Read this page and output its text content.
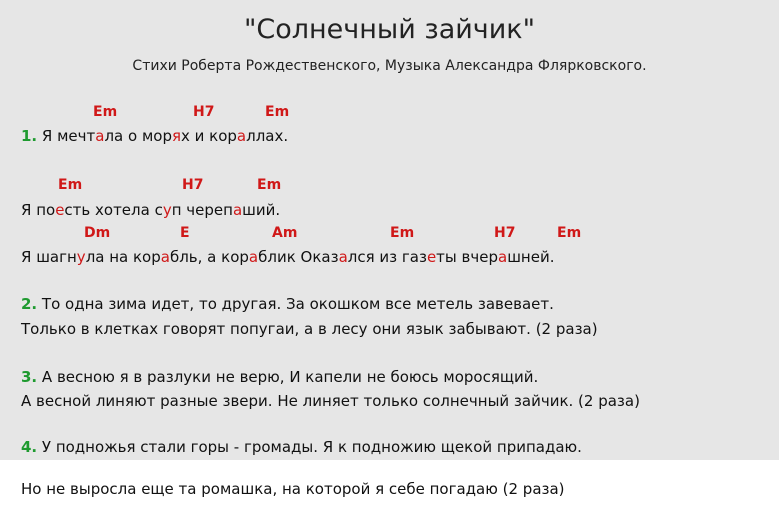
"Солнечный зайчик"
Стихи Роберта Рождественского, Музыка Александра Флярковского.
Em	H7	Em
1. Я мечтала о морях и кораллах.
Em	H7	Em
Я поесть хотела суп черепаший.
Dm	E	Am	Em	H7	Em
Я шагнула на корабль, а кораблик Оказался из газеты вчерашней.
2. То одна зима идет, то другая. За окошком все метель завевает.
Только в клетках говорят попугаи, а в лесу они язык забывают. (2 раза)
3. А весною я в разлуки не верю, И капели не боюсь моросящий.
А весной линяют разные звери. Не линяет только солнечный зайчик. (2 раза)
4. У подножья стали горы - громады. Я к подножию щекой припадаю.
Но не выросла еще та ромашка, на которой я себе погадаю (2 раза)
